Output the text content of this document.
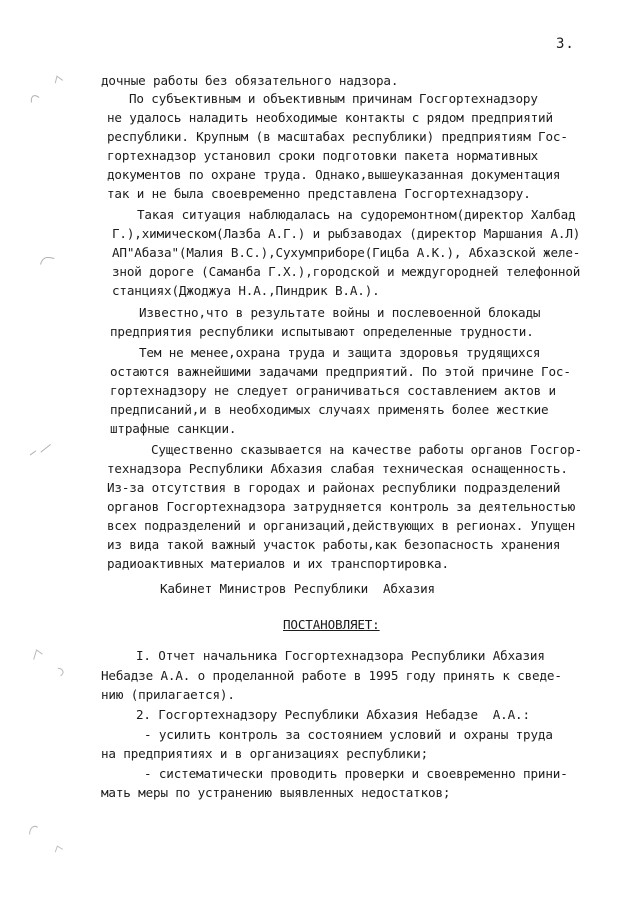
3.
дочные работы без обязательного надзора.
По субъективным и объективным причинам Госгортехнадзору
не удалось наладить необходимые контакты с рядом предприятий
республики. Крупным (в масштабах республики) предприятиям Гос-
гортехнадзор установил сроки подготовки пакета нормативных
документов по охране труда. Однако,вышеуказанная документация
так и не была своевременно представлена Госгортехнадзору.
Такая ситуация наблюдалась на судоремонтном(директор Халбад
Г.),химическом(Лазба А.Г.) и рыбзаводах (директор Маршания А.Л)
АП"Абаза"(Малия В.С.),Сухумприборе(Гицба А.К.), Абхазской желе-
зной дороге (Саманба Г.Х.),городской и междугородней телефонной
станциях(Джоджуа Н.А.,Пиндрик В.А.).
Известно,что в результате войны и послевоенной блокады
предприятия республики испытывают определенные трудности.
Тем не менее,охрана труда и защита здоровья трудящихся
остаются важнейшими задачами предприятий. По этой причине Гос-
гортехнадзору не следует ограничиваться составлением актов и
предписаний,и в необходимых случаях применять более жесткие
штрафные санкции.
Существенно сказывается на качестве работы органов Госгор-
технадзора Республики Абхазия слабая техническая оснащенность.
Из-за отсутствия в городах и районах республики подразделений
органов Госгортехнадзора затрудняется контроль за деятельностью
всех подразделений и организаций,действующих в регионах. Упущен
из вида такой важный участок работы,как безопасность хранения
радиоактивных материалов и их транспортировка.
Кабинет Министров Республики  Абхазия
ПОСТАНОВЛЯЕТ:
I. Отчет начальника Госгортехнадзора Республики Абхазия
Небадзе А.А. о проделанной работе в 1995 году принять к сведе-
нию (прилагается).
2. Госгортехнадзору Республики Абхазия Небадзе  А.А.:
- усилить контроль за состоянием условий и охраны труда
на предприятиях и в организациях республики;
- систематически проводить проверки и своевременно прини-
мать меры по устранению выявленных недостатков;
